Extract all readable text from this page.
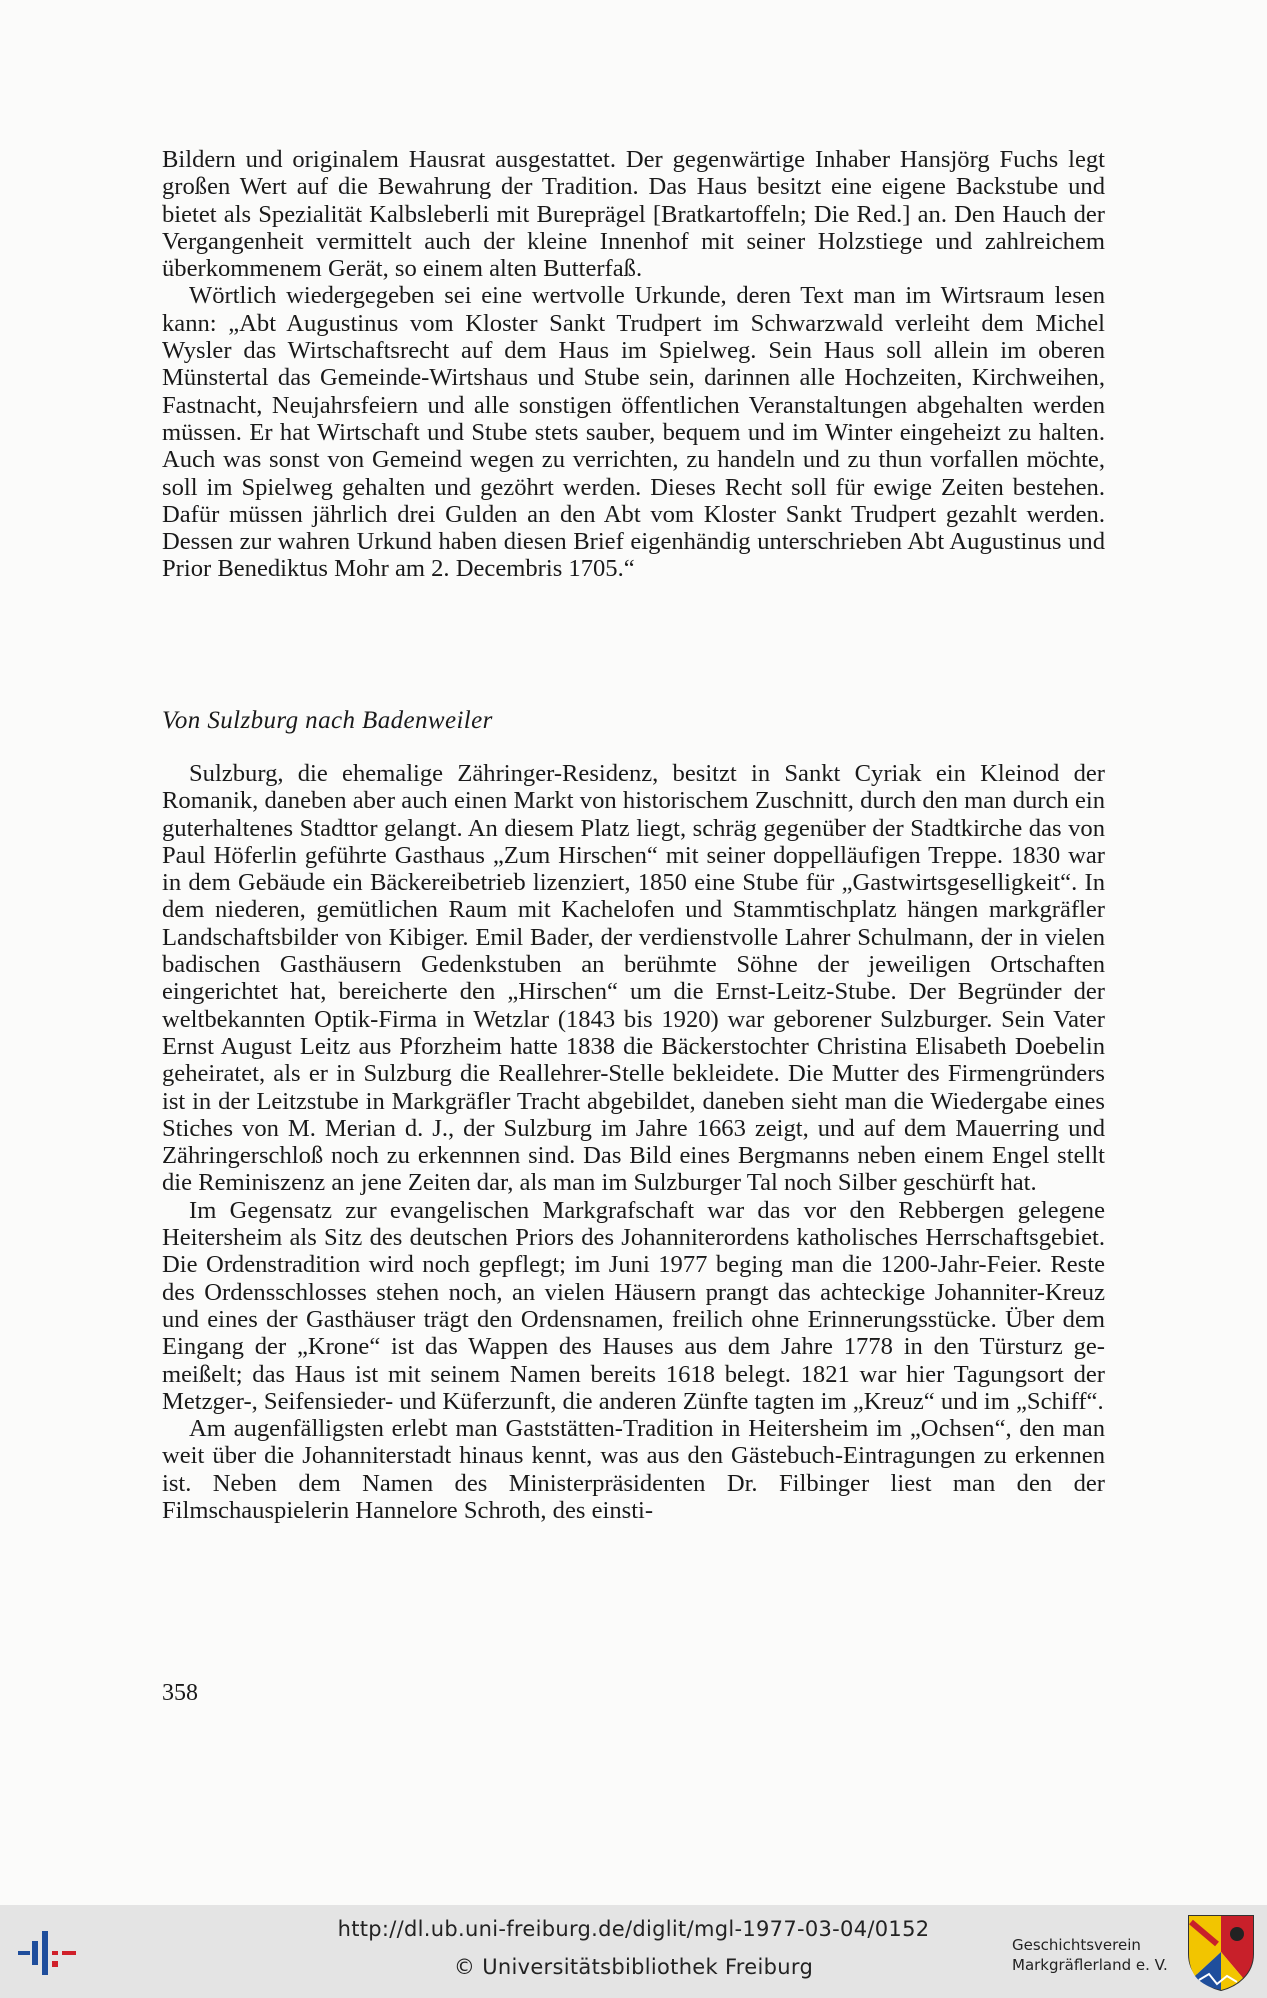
Bildern und originalem Hausrat ausgestattet. Der gegenwärtige Inhaber Hansjörg Fuchs legt großen Wert auf die Bewahrung der Tradition. Das Haus besitzt eine eigene Backstube und bietet als Spezialität Kalbsleberli mit Bureprägel [Bratkartoffeln; Die Red.] an. Den Hauch der Vergangenheit vermittelt auch der kleine Innenhof mit seiner Holzstiege und zahlreichem überkommenem Gerät, so einem alten Butterfaß.

Wörtlich wiedergegeben sei eine wertvolle Urkunde, deren Text man im Wirtsraum lesen kann: „Abt Augustinus vom Kloster Sankt Trudpert im Schwarzwald verleiht dem Michel Wysler das Wirtschaftsrecht auf dem Haus im Spielweg. Sein Haus soll allein im oberen Münstertal das Gemeinde-Wirtshaus und Stube sein, darinnen alle Hochzeiten, Kirchweihen, Fastnacht, Neujahrsfeiern und alle sonstigen öffentlichen Veranstaltungen abgehalten werden müssen. Er hat Wirtschaft und Stube stets sauber, bequem und im Winter eingeheizt zu halten. Auch was sonst von Gemeind wegen zu verrichten, zu handeln und zu thun vorfallen möchte, soll im Spielweg gehalten und gezöhrt werden. Dieses Recht soll für ewige Zeiten bestehen. Dafür müssen jährlich drei Gulden an den Abt vom Kloster Sankt Trudpert gezahlt werden. Dessen zur wahren Urkund haben diesen Brief eigenhändig unterschrieben Abt Augustinus und Prior Benediktus Mohr am 2. Decembris 1705.“

Von Sulzburg nach Badenweiler

Sulzburg, die ehemalige Zähringer-Residenz, besitzt in Sankt Cyriak ein Kleinod der Romanik, daneben aber auch einen Markt von historischem Zuschnitt, durch den man durch ein guterhaltenes Stadttor gelangt. An diesem Platz liegt, schräg gegenüber der Stadtkirche das von Paul Höferlin geführte Gasthaus „Zum Hirschen“ mit seiner doppelläufigen Treppe. 1830 war in dem Gebäude ein Bäckereibetrieb lizenziert, 1850 eine Stube für „Gastwirtsgeselligkeit“. In dem niederen, gemütlichen Raum mit Kachelofen und Stammtischplatz hängen markgräfler Landschaftsbilder von Kibiger. Emil Bader, der verdienstvolle Lahrer Schulmann, der in vielen badischen Gasthäusern Gedenkstuben an berühmte Söhne der jeweiligen Ortschaften eingerichtet hat, bereicherte den „Hirschen“ um die Ernst-Leitz-Stube. Der Begründer der weltbekannten Optik-Firma in Wetzlar (1843 bis 1920) war geborener Sulzburger. Sein Vater Ernst August Leitz aus Pforzheim hatte 1838 die Bäckerstochter Christina Elisabeth Doebelin geheiratet, als er in Sulzburg die Reallehrer-Stelle bekleidete. Die Mutter des Firmengründers ist in der Leitzstube in Markgräfler Tracht abgebildet, daneben sieht man die Wiedergabe eines Stiches von M. Merian d. J., der Sulzburg im Jahre 1663 zeigt, und auf dem Mauerring und Zähringerschloß noch zu erkennnen sind. Das Bild eines Bergmanns neben einem Engel stellt die Reminiszenz an jene Zeiten dar, als man im Sulzburger Tal noch Silber geschürft hat.

Im Gegensatz zur evangelischen Markgrafschaft war das vor den Rebbergen gelegene Heitersheim als Sitz des deutschen Priors des Johanniterordens katholisches Herrschaftsgebiet. Die Ordenstradition wird noch gepflegt; im Juni 1977 beging man die 1200-Jahr-Feier. Reste des Ordensschlosses stehen noch, an vielen Häusern prangt das achteckige Johanniter-Kreuz und eines der Gasthäuser trägt den Ordensnamen, freilich ohne Erinnerungsstücke. Über dem Eingang der „Krone“ ist das Wappen des Hauses aus dem Jahre 1778 in den Türsturz gemeißelt; das Haus ist mit seinem Namen bereits 1618 belegt. 1821 war hier Tagungsort der Metzger-, Seifensieder- und Küferzunft, die anderen Zünfte tagten im „Kreuz“ und im „Schiff“.

Am augenfälligsten erlebt man Gaststätten-Tradition in Heitersheim im „Ochsen“, den man weit über die Johanniterstadt hinaus kennt, was aus den Gästebuch-Eintragungen zu erkennen ist. Neben dem Namen des Ministerpräsidenten Dr. Filbinger liest man den der Filmschauspielerin Hannelore Schroth, des einsti-

358
http://dl.ub.uni-freiburg.de/diglit/mgl-1977-03-04/0152
© Universitätsbibliothek Freiburg
Geschichtsverein
Markgräflerland e. V.
